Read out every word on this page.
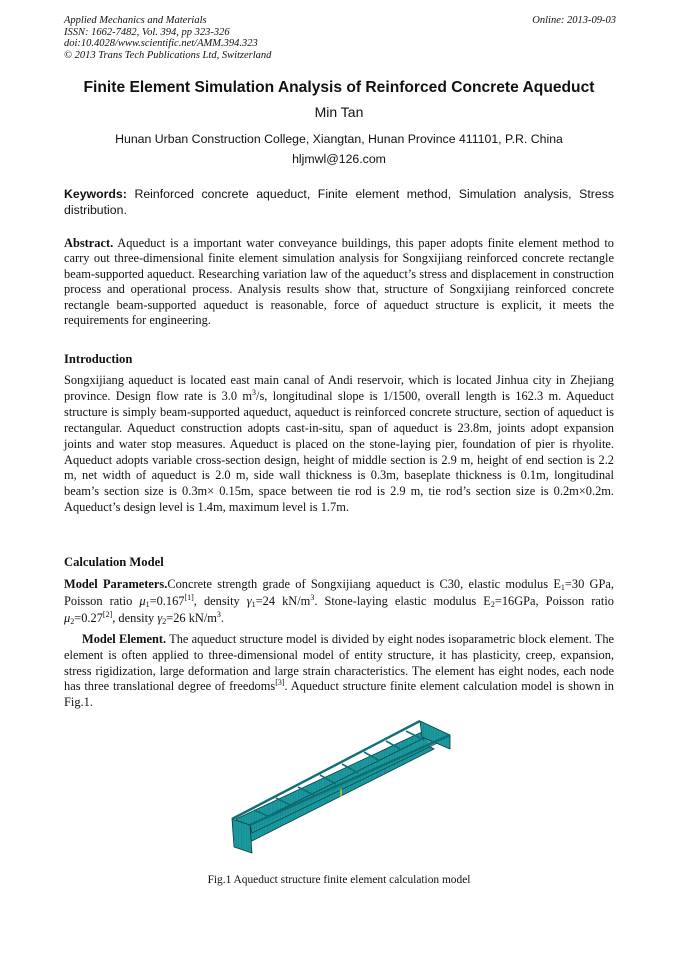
Applied Mechanics and Materials
ISSN: 1662-7482, Vol. 394, pp 323-326
doi:10.4028/www.scientific.net/AMM.394.323
© 2013 Trans Tech Publications Ltd, Switzerland
Online: 2013-09-03
Finite Element Simulation Analysis of Reinforced Concrete Aqueduct
Min Tan
Hunan Urban Construction College, Xiangtan, Hunan Province 411101, P.R. China
hljmwl@126.com
Keywords: Reinforced concrete aqueduct, Finite element method, Simulation analysis, Stress distribution.
Abstract. Aqueduct is a important water conveyance buildings, this paper adopts finite element method to carry out three-dimensional finite element simulation analysis for Songxijiang reinforced concrete rectangle beam-supported aqueduct. Researching variation law of the aqueduct’s stress and displacement in construction process and operational process. Analysis results show that, structure of Songxijiang reinforced concrete rectangle beam-supported aqueduct is reasonable, force of aqueduct structure is explicit, it meets the requirements for engineering.
Introduction
Songxijiang aqueduct is located east main canal of Andi reservoir, which is located Jinhua city in Zhejiang province. Design flow rate is 3.0 $m^3/s$, longitudinal slope is 1/1500, overall length is 162.3 m. Aqueduct structure is simply beam-supported aqueduct, aqueduct is reinforced concrete structure, section of aqueduct is rectangular. Aqueduct construction adopts cast-in-situ, span of aqueduct is 23.8m, joints adopt expansion joints and water stop measures. Aqueduct is placed on the stone-laying pier, foundation of pier is rhyolite. Aqueduct adopts variable cross-section design, height of middle section is 2.9 m, height of end section is 2.2 m, net width of aqueduct is 2.0 m, side wall thickness is 0.3m, baseplate thickness is 0.1m, longitudinal beam’s section size is 0.3m× 0.15m, space between tie rod is 2.9 m, tie rod’s section size is 0.2m×0.2m. Aqueduct’s design level is 1.4m, maximum level is 1.7m.
Calculation Model
Model Parameters.Concrete strength grade of Songxijiang aqueduct is C30, elastic modulus $E_1=30$ GPa, Poisson ratio $\mu_1=0.167[1]$, density $\gamma_1=24$ $kN/m^3$. Stone-laying elastic modulus $E_2=16GPa$, Poisson ratio $\mu_2=0.27[2]$, density $\gamma_2=26$ $kN/m^3$.
Model Element. The aqueduct structure model is divided by eight nodes isoparametric block element. The element is often applied to three-dimensional model of entity structure, it has plasticity, creep, expansion, stress rigidization, large deformation and large strain characteristics. The element has eight nodes, each node has three translational degree of freedoms[3]. Aqueduct structure finite element calculation model is shown in Fig.1.
Fig.1 Aqueduct structure finite element calculation model
